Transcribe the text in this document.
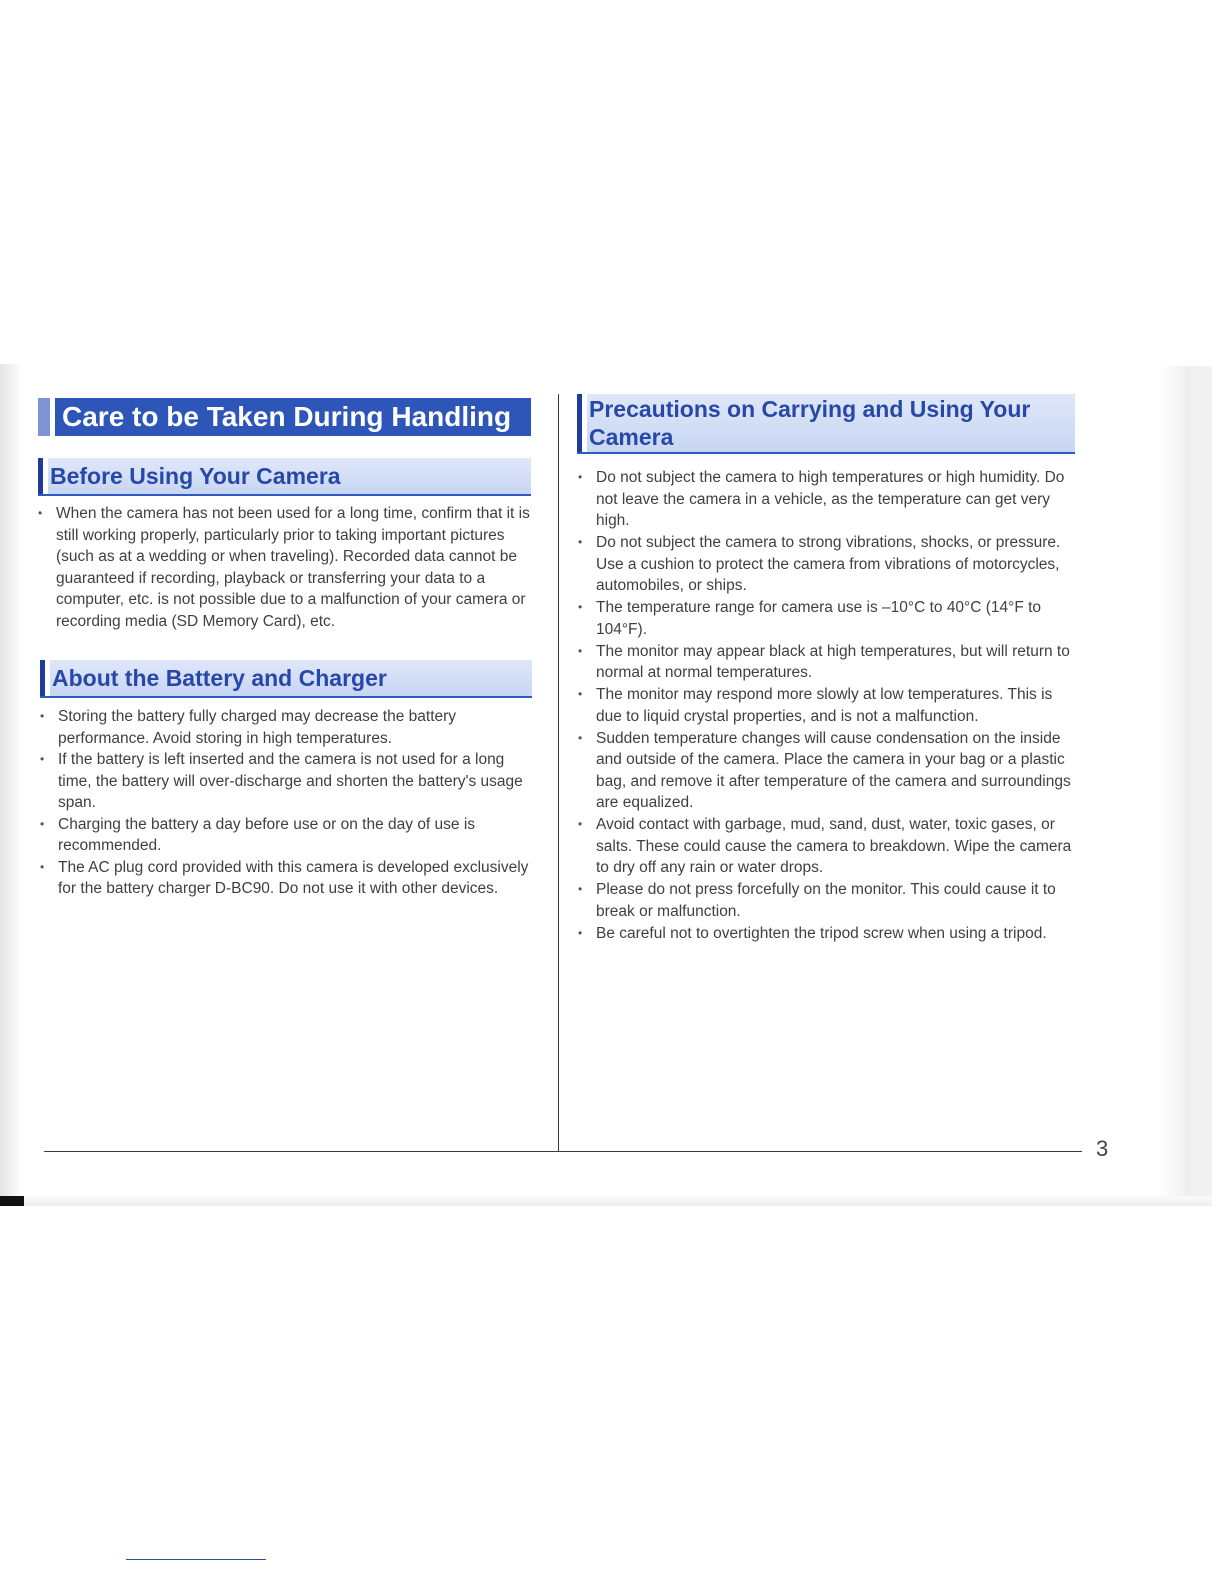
Care to be Taken During Handling
Before Using Your Camera
• When the camera has not been used for a long time, confirm that it is still working properly, particularly prior to taking important pictures (such as at a wedding or when traveling). Recorded data cannot be guaranteed if recording, playback or transferring your data to a computer, etc. is not possible due to a malfunction of your camera or recording media (SD Memory Card), etc.
About the Battery and Charger
• Storing the battery fully charged may decrease the battery performance. Avoid storing in high temperatures.
• If the battery is left inserted and the camera is not used for a long time, the battery will over-discharge and shorten the battery's usage span.
• Charging the battery a day before use or on the day of use is recommended.
• The AC plug cord provided with this camera is developed exclusively for the battery charger D-BC90. Do not use it with other devices.
Precautions on Carrying and Using Your Camera
• Do not subject the camera to high temperatures or high humidity. Do not leave the camera in a vehicle, as the temperature can get very high.
• Do not subject the camera to strong vibrations, shocks, or pressure. Use a cushion to protect the camera from vibrations of motorcycles, automobiles, or ships.
• The temperature range for camera use is –10°C to 40°C (14°F to 104°F).
• The monitor may appear black at high temperatures, but will return to normal at normal temperatures.
• The monitor may respond more slowly at low temperatures. This is due to liquid crystal properties, and is not a malfunction.
• Sudden temperature changes will cause condensation on the inside and outside of the camera. Place the camera in your bag or a plastic bag, and remove it after temperature of the camera and surroundings are equalized.
• Avoid contact with garbage, mud, sand, dust, water, toxic gases, or salts. These could cause the camera to breakdown. Wipe the camera to dry off any rain or water drops.
• Please do not press forcefully on the monitor. This could cause it to break or malfunction.
• Be careful not to overtighten the tripod screw when using a tripod.
3
